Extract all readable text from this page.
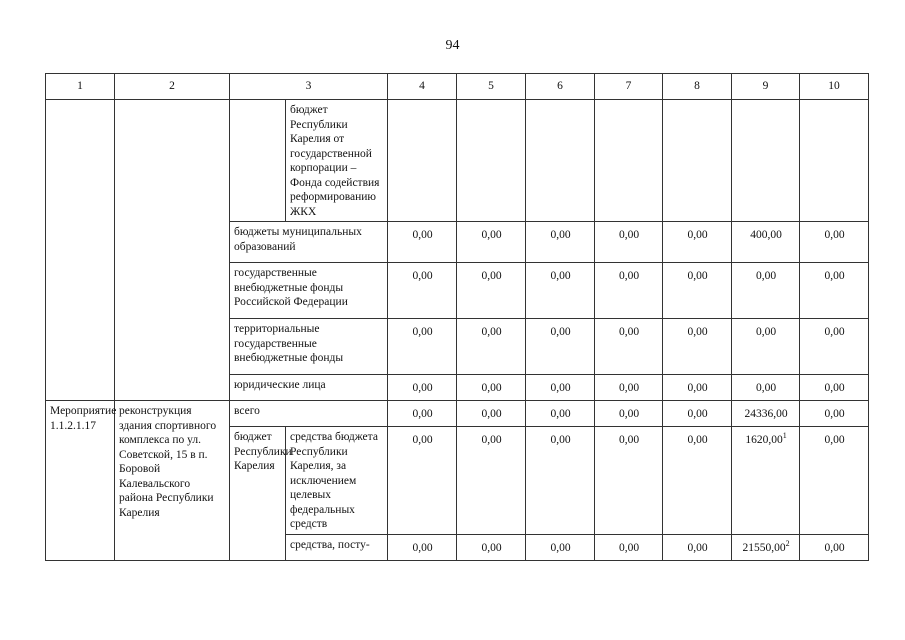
94
1	2	3		4	5	6	7	8	9	10
			бюджет Республики Карелия от государственной корпорации – Фонда содействия реформированию ЖКХ							
		бюджеты муниципальных образований		0,00	0,00	0,00	0,00	0,00	400,00	0,00
		государственные внебюджетные фонды Российской Федерации		0,00	0,00	0,00	0,00	0,00	0,00	0,00
		территориальные государственные внебюджетные фонды		0,00	0,00	0,00	0,00	0,00	0,00	0,00
		юридические лица		0,00	0,00	0,00	0,00	0,00	0,00	0,00
Мероприятие 1.1.2.1.17	реконструкция здания спортивного комплекса по ул. Советской, 15 в п. Боровой Калевальского района Республики Карелия	всего		0,00	0,00	0,00	0,00	0,00	24336,00	0,00
		бюджет Республики Карелия	средства бюджета Республики Карелия, за исключением целевых федеральных средств	0,00	0,00	0,00	0,00	0,00	1620,00$^1$	0,00
			средства, посту-	0,00	0,00	0,00	0,00	0,00	21550,00$^2$	0,00
